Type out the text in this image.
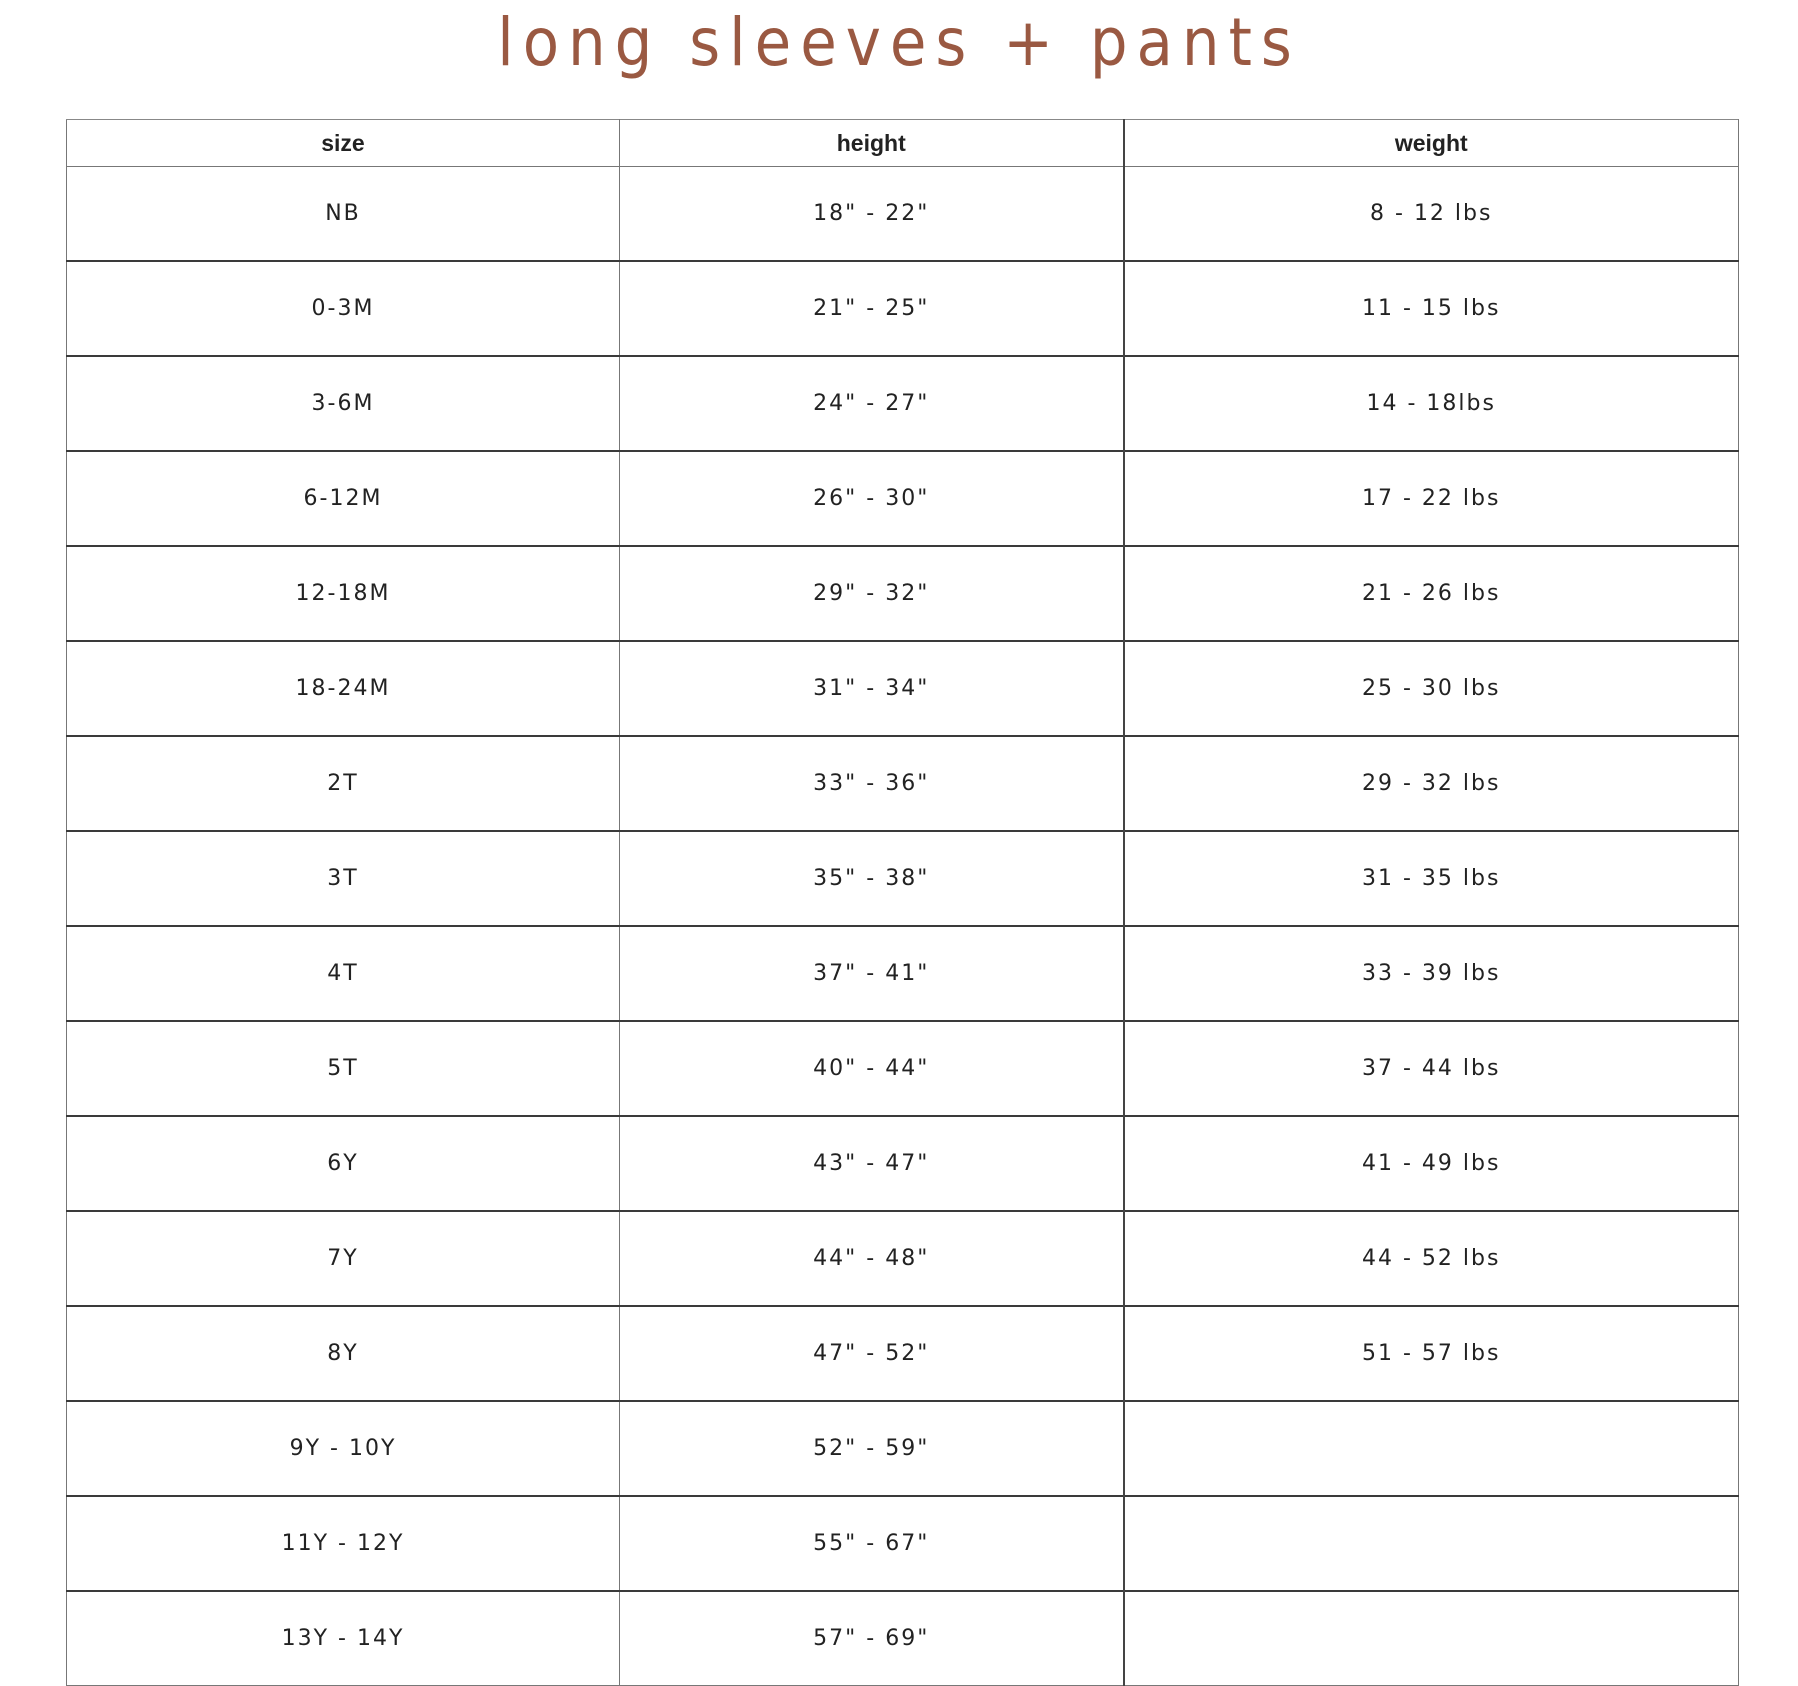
long sleeves + pants
size	height	weight
NB	18" - 22"	8 - 12 lbs
0-3M	21" - 25"	11 - 15 lbs
3-6M	24" - 27"	14 - 18lbs
6-12M	26" - 30"	17 - 22 lbs
12-18M	29" - 32"	21 - 26 lbs
18-24M	31" - 34"	25 - 30 lbs
2T	33" - 36"	29 - 32 lbs
3T	35" - 38"	31 - 35 lbs
4T	37" - 41"	33 - 39 lbs
5T	40" - 44"	37 - 44 lbs
6Y	43" - 47"	41 - 49 lbs
7Y	44" - 48"	44 - 52 lbs
8Y	47" - 52"	51 - 57 lbs
9Y - 10Y	52" - 59"	
11Y - 12Y	55" - 67"	
13Y - 14Y	57" - 69"	
